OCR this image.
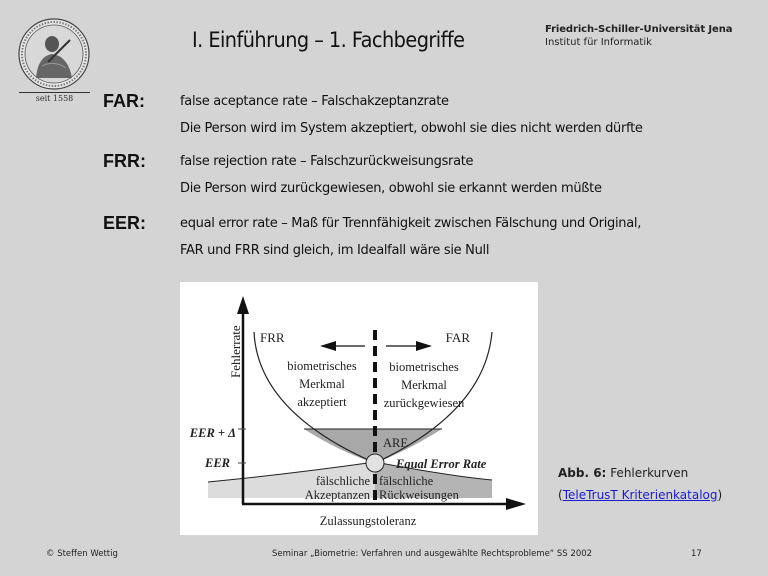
seit 1558
I. Einführung – 1. Fachbegriffe	Friedrich-Schiller-Universität Jena
Institut für Informatik
FAR:	false aceptance rate – Falschakzeptanzrate
Die Person wird im System akzeptiert, obwohl sie dies nicht werden dürfte
FRR:	false rejection rate – Falschzurückweisungsrate
Die Person wird zurückgewiesen, obwohl sie erkannt werden müßte
EER:	equal error rate – Maß für Trennfähigkeit zwischen Fälschung und Original,
FAR und FRR sind gleich, im Idealfall wäre sie Null
Fehlerrate FRR	FAR
biometrisches
Merkmal
akzeptiert
biometrisches
Merkmal
zurückgewiesen
EER + Δ
EER
ARE
Equal Error Rate
fälschliche
Akzeptanzen
fälschliche
Rückweisungen
Zulassungstoleranz
Abb. 6: Fehlerkurven
(TeleTrusT Kriterienkatalog)
© Steffen Wettig	Seminar „Biometrie: Verfahren und ausgewählte Rechtsprobleme“ SS 2002	17
